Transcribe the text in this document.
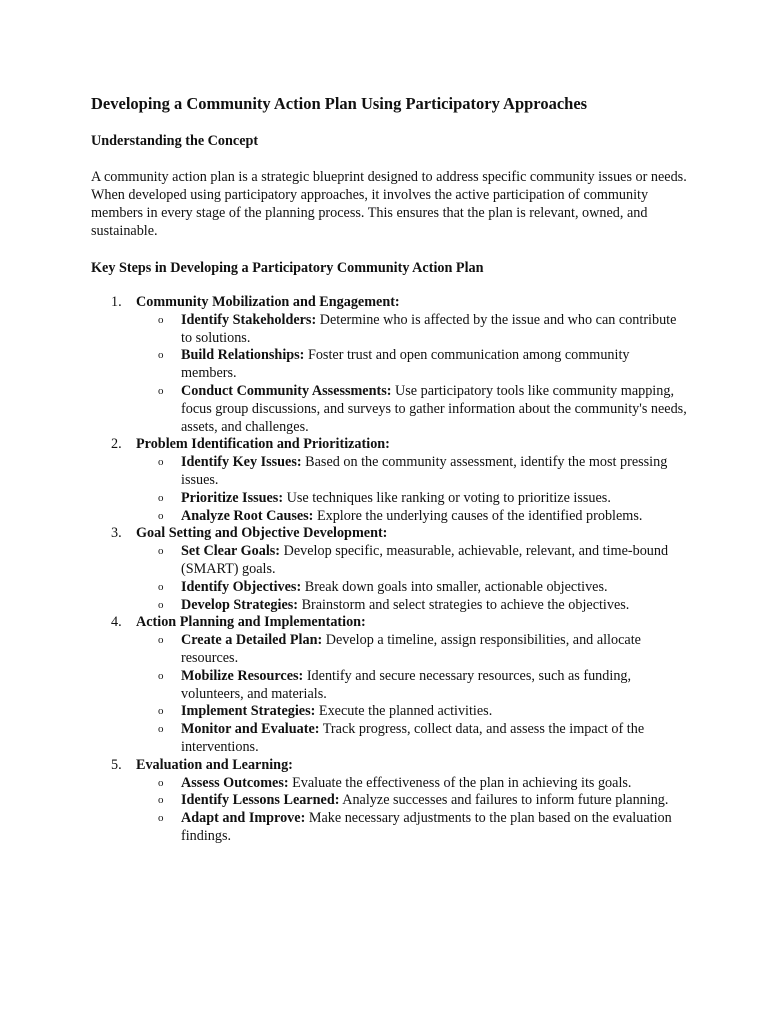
Developing a Community Action Plan Using Participatory Approaches
Understanding the Concept

A community action plan is a strategic blueprint designed to address specific community issues or needs. When developed using participatory approaches, it involves the active participation of community members in every stage of the planning process. This ensures that the plan is relevant, owned, and sustainable.

Key Steps in Developing a Participatory Community Action Plan
1. Community Mobilization and Engagement:
o Identify Stakeholders: Determine who is affected by the issue and who can contribute to solutions.
o Build Relationships: Foster trust and open communication among community members.
o Conduct Community Assessments: Use participatory tools like community mapping, focus group discussions, and surveys to gather information about the community's needs, assets, and challenges.
2. Problem Identification and Prioritization:
o Identify Key Issues: Based on the community assessment, identify the most pressing issues.
o Prioritize Issues: Use techniques like ranking or voting to prioritize issues.
o Analyze Root Causes: Explore the underlying causes of the identified problems.
3. Goal Setting and Objective Development:
o Set Clear Goals: Develop specific, measurable, achievable, relevant, and time-bound (SMART) goals.
o Identify Objectives: Break down goals into smaller, actionable objectives.
o Develop Strategies: Brainstorm and select strategies to achieve the objectives.
4. Action Planning and Implementation:
o Create a Detailed Plan: Develop a timeline, assign responsibilities, and allocate resources.
o Mobilize Resources: Identify and secure necessary resources, such as funding, volunteers, and materials.
o Implement Strategies: Execute the planned activities.
o Monitor and Evaluate: Track progress, collect data, and assess the impact of the interventions.
5. Evaluation and Learning:
o Assess Outcomes: Evaluate the effectiveness of the plan in achieving its goals.
o Identify Lessons Learned: Analyze successes and failures to inform future planning.
o Adapt and Improve: Make necessary adjustments to the plan based on the evaluation findings.
